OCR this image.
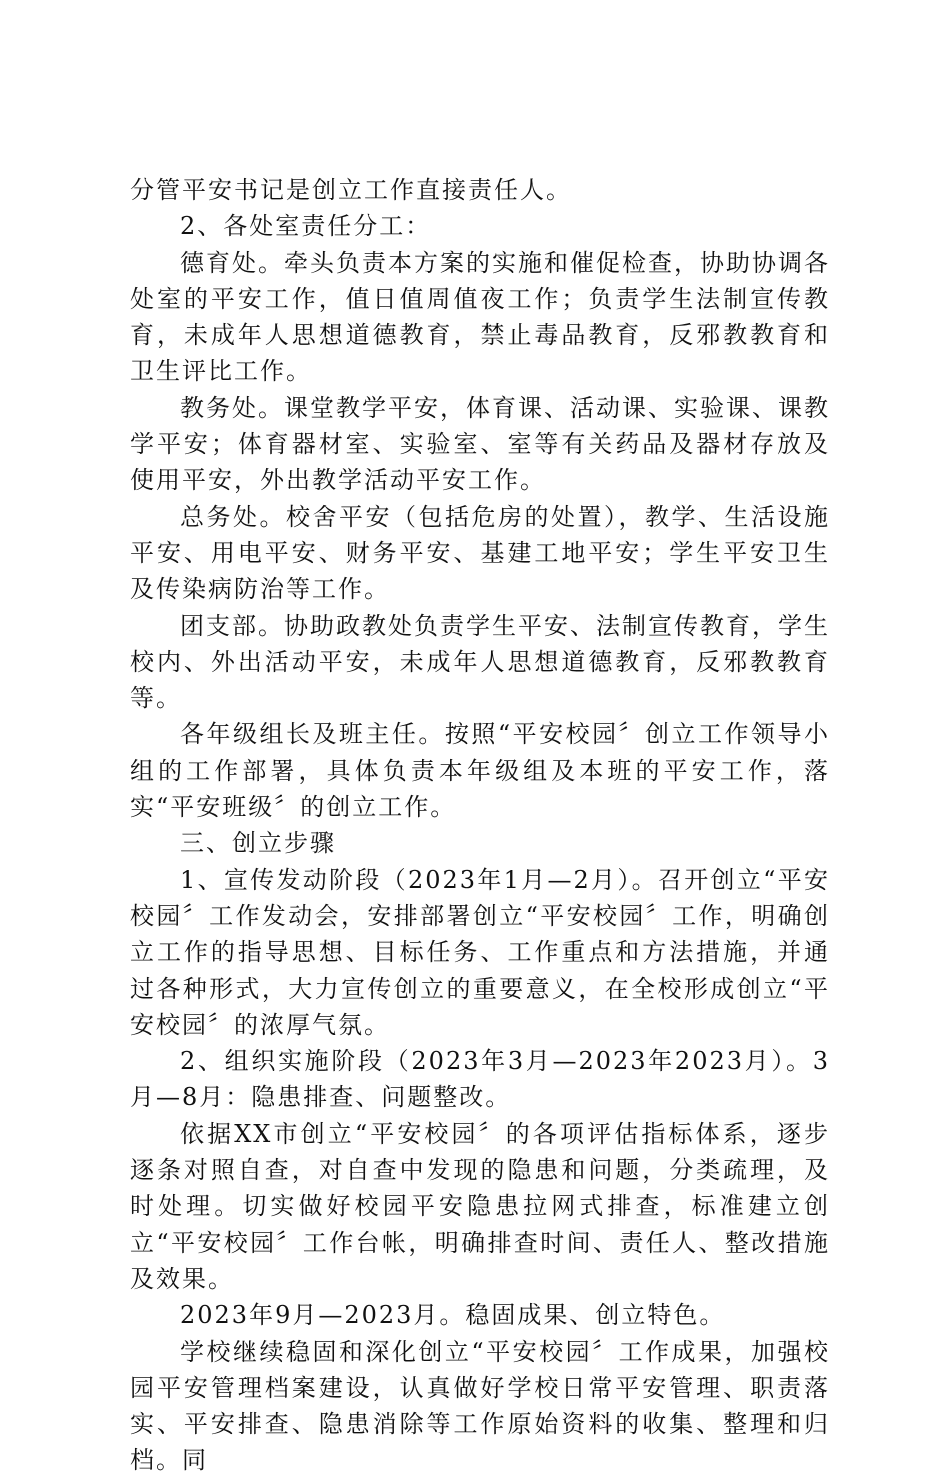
分管平安书记是创立工作直接责任人。

2、各处室责任分工：

德育处。牵头负责本方案的实施和催促检查，协助协调各处室的平安工作，值日值周值夜工作；负责学生法制宣传教育，未成年人思想道德教育，禁止毒品教育，反邪教教育和卫生评比工作。

教务处。课堂教学平安，体育课、活动课、实验课、课教学平安；体育器材室、实验室、室等有关药品及器材存放及使用平安，外出教学活动平安工作。

总务处。校舍平安（包括危房的处置），教学、生活设施平安、用电平安、财务平安、基建工地平安；学生平安卫生及传染病防治等工作。

团支部。协助政教处负责学生平安、法制宣传教育，学生校内、外出活动平安，未成年人思想道德教育，反邪教教育等。

各年级组长及班主任。按照“平安校园〞创立工作领导小组的工作部署，具体负责本年级组及本班的平安工作，落实“平安班级〞的创立工作。

三、创立步骤

1、宣传发动阶段（2023年1月—2月）。召开创立“平安校园〞工作发动会，安排部署创立“平安校园〞工作，明确创立工作的指导思想、目标任务、工作重点和方法措施，并通过各种形式，大力宣传创立的重要意义，在全校形成创立“平安校园〞的浓厚气氛。

2、组织实施阶段（2023年3月—2023年2023月）。3月—8月：隐患排查、问题整改。

依据XX市创立“平安校园〞的各项评估指标体系，逐步逐条对照自查，对自查中发现的隐患和问题，分类疏理，及时处理。切实做好校园平安隐患拉网式排查，标准建立创立“平安校园〞工作台帐，明确排查时间、责任人、整改措施及效果。

2023年9月—2023月。稳固成果、创立特色。

学校继续稳固和深化创立“平安校园〞工作成果，加强校园平安管理档案建设，认真做好学校日常平安管理、职责落实、平安排查、隐患消除等工作原始资料的收集、整理和归档。同
